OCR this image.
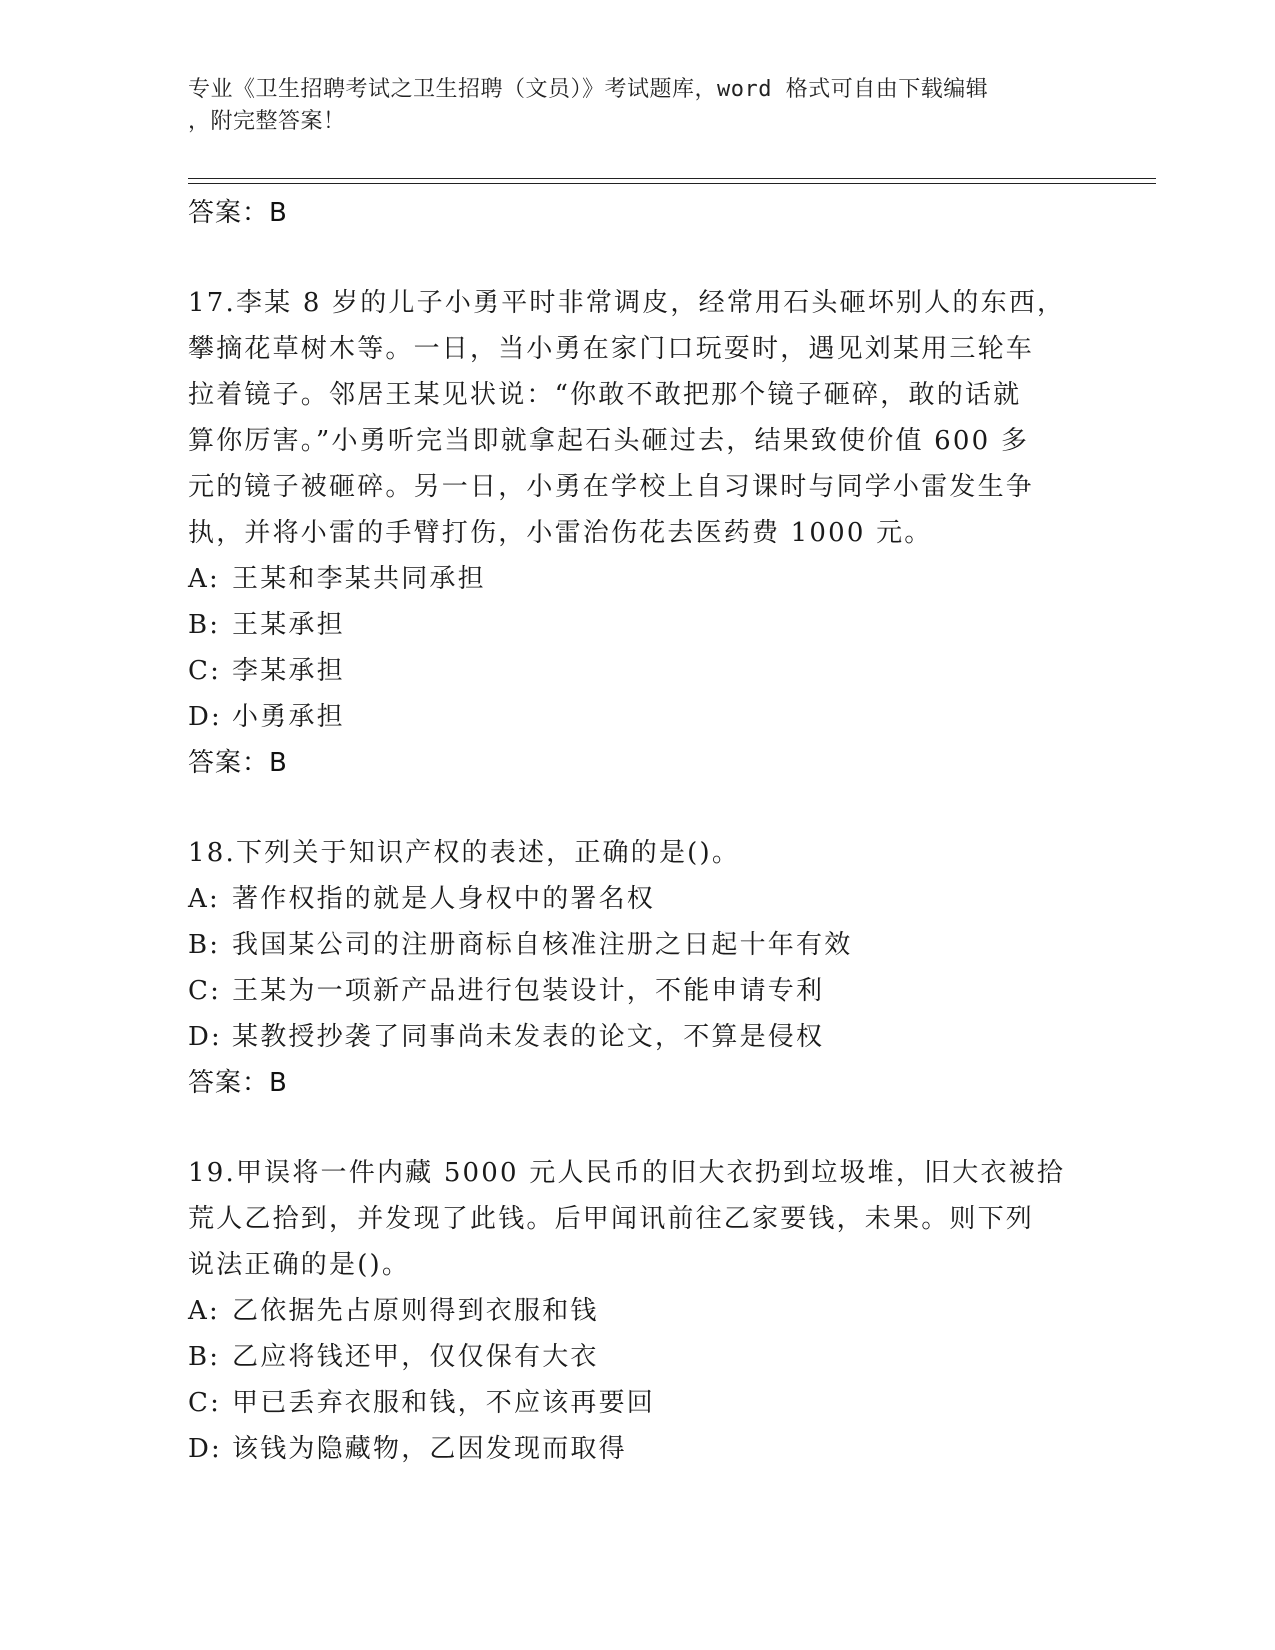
专业《卫生招聘考试之卫生招聘（文员）》考试题库，word 格式可自由下载编辑
，附完整答案！
答案：B
17.李某 8 岁的儿子小勇平时非常调皮，经常用石头砸坏别人的东西，
攀摘花草树木等。一日，当小勇在家门口玩耍时，遇见刘某用三轮车
拉着镜子。邻居王某见状说：“你敢不敢把那个镜子砸碎，敢的话就
算你厉害。”小勇听完当即就拿起石头砸过去，结果致使价值 600 多
元的镜子被砸碎。另一日，小勇在学校上自习课时与同学小雷发生争
执，并将小雷的手臂打伤，小雷治伤花去医药费 1000 元。
A: 王某和李某共同承担
B: 王某承担
C: 李某承担
D: 小勇承担
答案：B
18.下列关于知识产权的表述，正确的是()。
A: 著作权指的就是人身权中的署名权
B: 我国某公司的注册商标自核准注册之日起十年有效
C: 王某为一项新产品进行包装设计，不能申请专利
D: 某教授抄袭了同事尚未发表的论文，不算是侵权
答案：B
19.甲误将一件内藏 5000 元人民币的旧大衣扔到垃圾堆，旧大衣被拾
荒人乙拾到，并发现了此钱。后甲闻讯前往乙家要钱，未果。则下列
说法正确的是()。
A: 乙依据先占原则得到衣服和钱
B: 乙应将钱还甲，仅仅保有大衣
C: 甲已丢弃衣服和钱，不应该再要回
D: 该钱为隐藏物，乙因发现而取得
